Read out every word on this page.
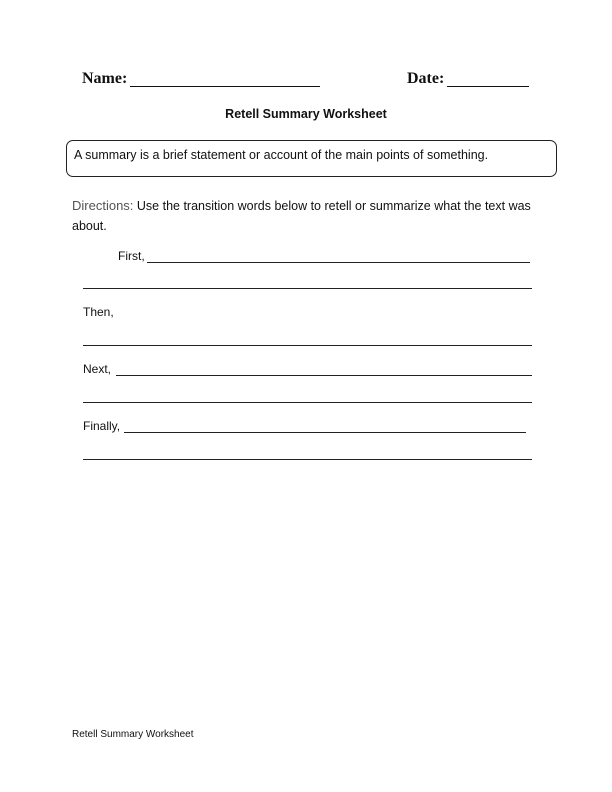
Name:	Date:
Retell Summary Worksheet
A summary is a brief statement or account of the main points of something.
Directions: Use the transition words below to retell or summarize what the text was about.
First,
Then,
Next,
Finally,
Retell Summary Worksheet
